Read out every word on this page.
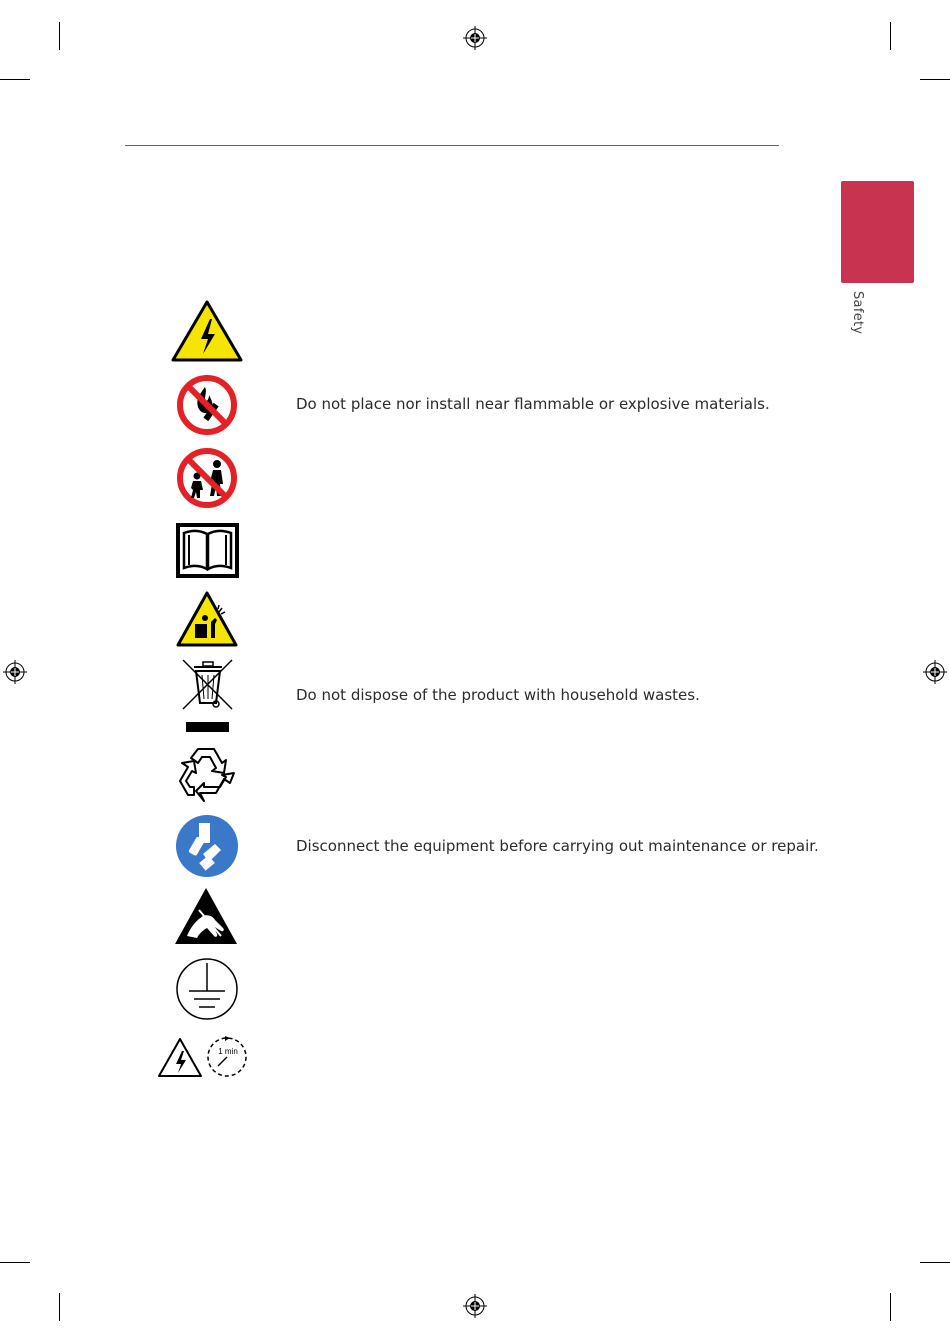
Safety
Do not place nor install near flammable or explosive materials.
Do not dispose of the product with household wastes.
Disconnect the equipment before carrying out maintenance or repair.
1 min
